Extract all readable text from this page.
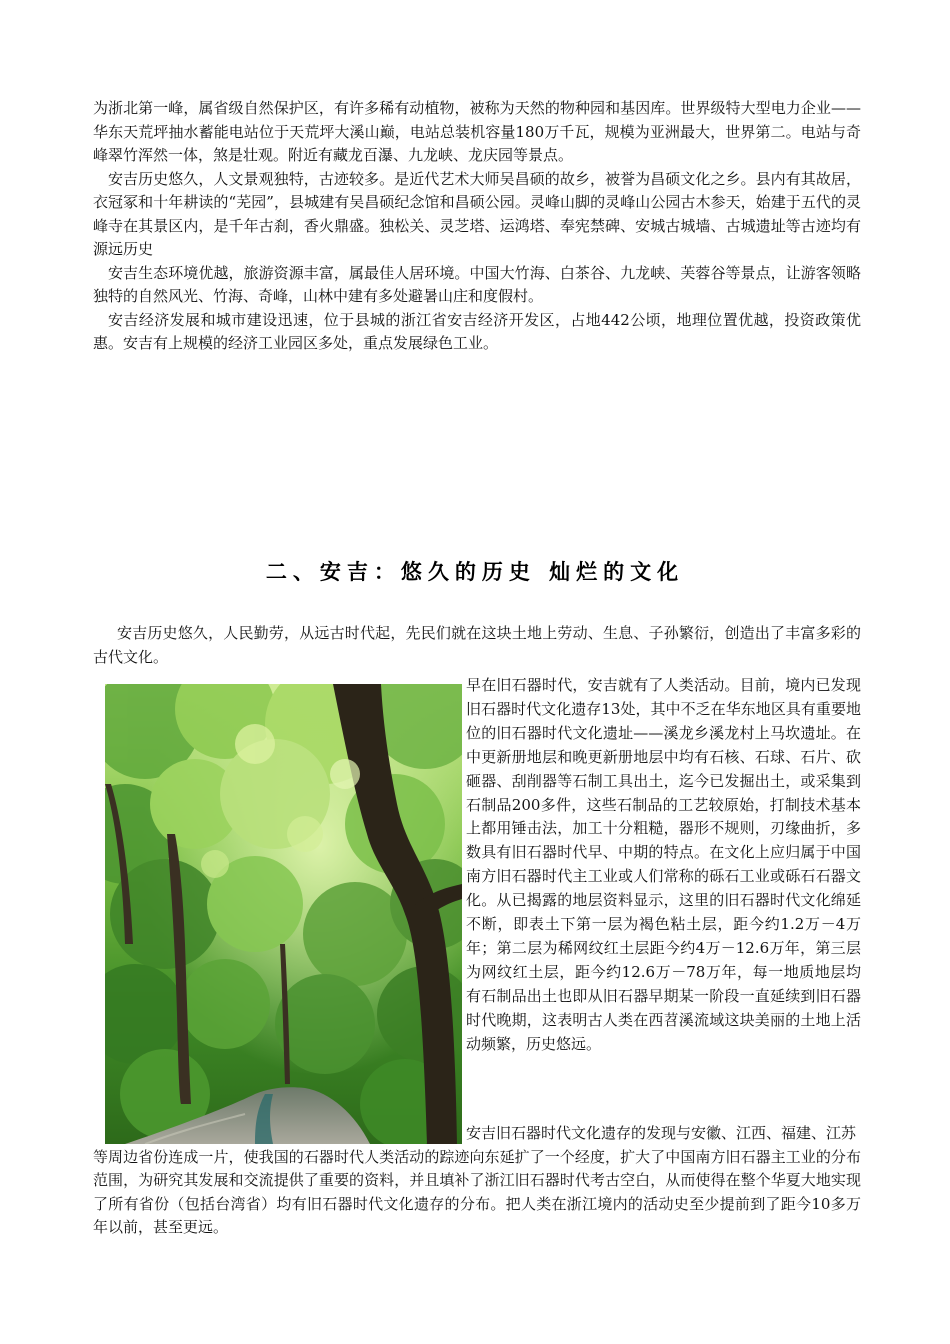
为浙北第一峰，属省级自然保护区，有许多稀有动植物，被称为天然的物种园和基因库。世界级特大型电力企业——华东天荒坪抽水蓄能电站位于天荒坪大溪山巅，电站总装机容量180万千瓦，规模为亚洲最大，世界第二。电站与奇峰翠竹浑然一体，煞是壮观。附近有藏龙百瀑、九龙峡、龙庆园等景点。

安吉历史悠久，人文景观独特，古迹较多。是近代艺术大师吴昌硕的故乡，被誉为昌硕文化之乡。县内有其故居，衣冠冢和十年耕读的“芜园”，县城建有吴昌硕纪念馆和昌硕公园。灵峰山脚的灵峰山公园古木参天，始建于五代的灵峰寺在其景区内，是千年古刹，香火鼎盛。独松关、灵芝塔、运鸿塔、奉宪禁碑、安城古城墙、古城遗址等古迹均有源远历史

安吉生态环境优越，旅游资源丰富，属最佳人居环境。中国大竹海、白茶谷、九龙峡、芙蓉谷等景点，让游客领略独特的自然风光、竹海、奇峰，山林中建有多处避暑山庄和度假村。

安吉经济发展和城市建设迅速，位于县城的浙江省安吉经济开发区，占地442公顷，地理位置优越，投资政策优惠。安吉有上规模的经济工业园区多处，重点发展绿色工业。

二、安吉：悠久的历史 灿烂的文化

安吉历史悠久，人民勤劳，从远古时代起，先民们就在这块土地上劳动、生息、子孙繁衍，创造出了丰富多彩的古代文化。

早在旧石器时代，安吉就有了人类活动。目前，境内已发现旧石器时代文化遗存13处，其中不乏在华东地区具有重要地位的旧石器时代文化遗址——溪龙乡溪龙村上马坎遗址。在中更新册地层和晚更新册地层中均有石核、石球、石片、砍砸器、刮削器等石制工具出土，迄今已发掘出土，或采集到石制品200多件，这些石制品的工艺较原始，打制技术基本上都用锤击法，加工十分粗糙，器形不规则，刃缘曲折，多数具有旧石器时代早、中期的特点。在文化上应归属于中国南方旧石器时代主工业或人们常称的砾石工业或砾石石器文化。从已揭露的地层资料显示，这里的旧石器时代文化绵延不断，即表土下第一层为褐色粘土层，距今约1.2万－4万年；第二层为稀网纹红土层距今约4万－12.6万年，第三层为网纹红土层，距今约12.6万－78万年，每一地质地层均有石制品出土也即从旧石器早期某一阶段一直延续到旧石器时代晚期，这表明古人类在西苕溪流域这块美丽的土地上活动频繁，历史悠远。

安吉旧石器时代文化遗存的发现与安徽、江西、福建、江苏
等周边省份连成一片，使我国的石器时代人类活动的踪迹向东延扩了一个经度，扩大了中国南方旧石器主工业的分布范围，为研究其发展和交流提供了重要的资料，并且填补了浙江旧石器时代考古空白，从而使得在整个华夏大地实现了所有省份（包括台湾省）均有旧石器时代文化遗存的分布。把人类在浙江境内的活动史至少提前到了距今10多万年以前，甚至更远。
